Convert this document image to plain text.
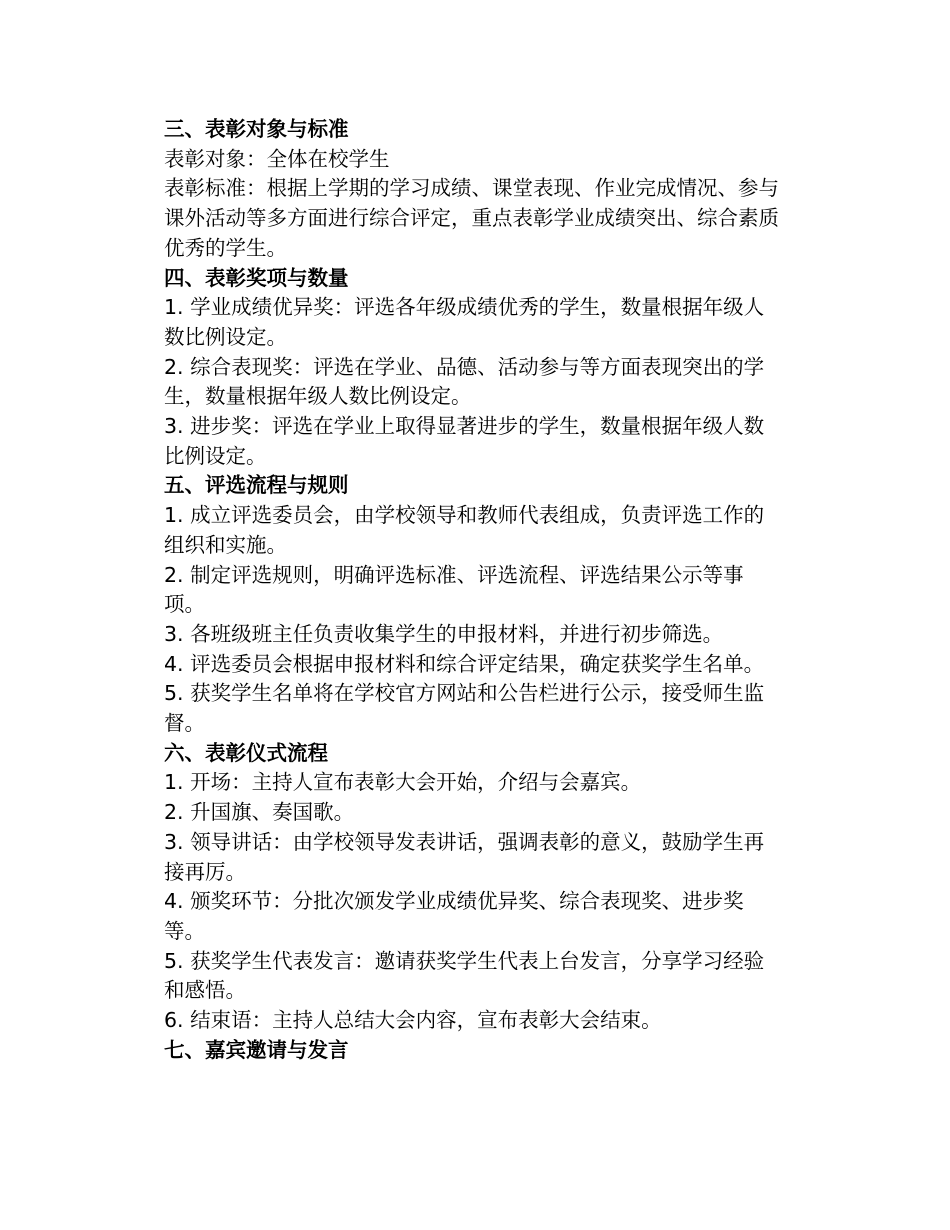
三、表彰对象与标准

表彰对象：全体在校学生

表彰标准：根据上学期的学习成绩、课堂表现、作业完成情况、参与课外活动等多方面进行综合评定，重点表彰学业成绩突出、综合素质优秀的学生。

四、表彰奖项与数量

1. 学业成绩优异奖：评选各年级成绩优秀的学生，数量根据年级人数比例设定。

2. 综合表现奖：评选在学业、品德、活动参与等方面表现突出的学生，数量根据年级人数比例设定。

3. 进步奖：评选在学业上取得显著进步的学生，数量根据年级人数比例设定。

五、评选流程与规则

1. 成立评选委员会，由学校领导和教师代表组成，负责评选工作的组织和实施。

2. 制定评选规则，明确评选标准、评选流程、评选结果公示等事项。

3. 各班级班主任负责收集学生的申报材料，并进行初步筛选。

4. 评选委员会根据申报材料和综合评定结果，确定获奖学生名单。

5. 获奖学生名单将在学校官方网站和公告栏进行公示，接受师生监督。

六、表彰仪式流程

1. 开场：主持人宣布表彰大会开始，介绍与会嘉宾。

2. 升国旗、奏国歌。

3. 领导讲话：由学校领导发表讲话，强调表彰的意义，鼓励学生再接再厉。

4. 颁奖环节：分批次颁发学业成绩优异奖、综合表现奖、进步奖等。

5. 获奖学生代表发言：邀请获奖学生代表上台发言，分享学习经验和感悟。

6. 结束语：主持人总结大会内容，宣布表彰大会结束。

七、嘉宾邀请与发言
